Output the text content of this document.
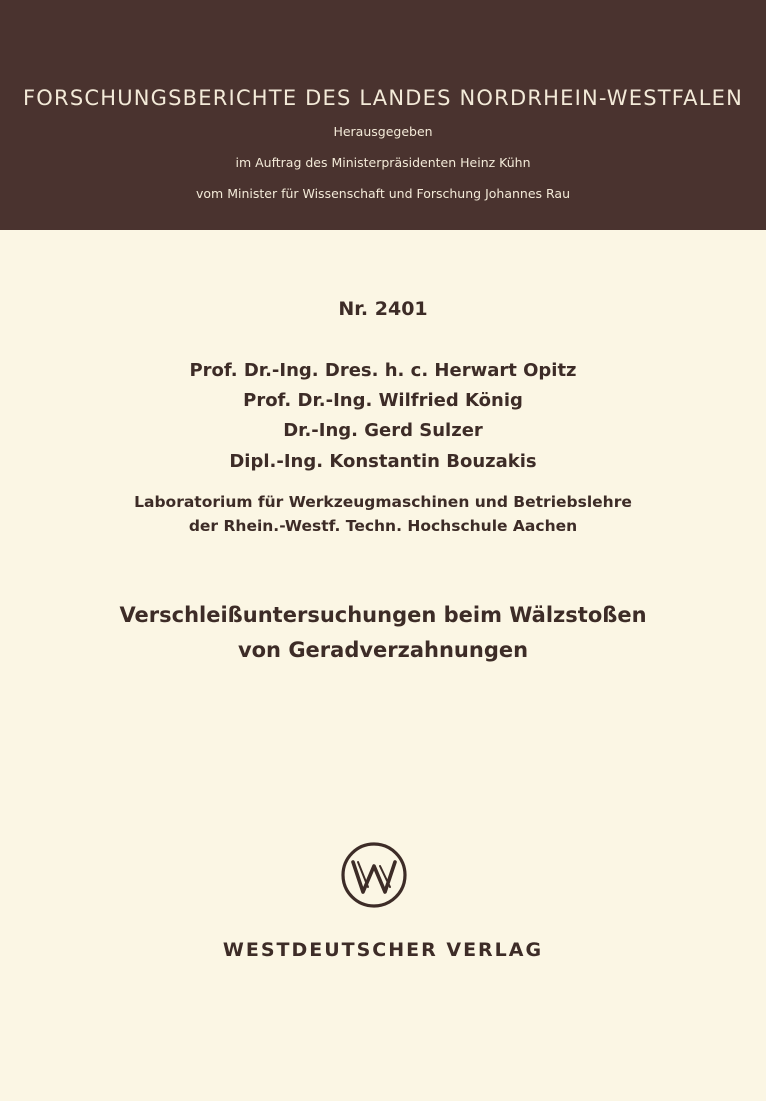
FORSCHUNGSBERICHTE DES LANDES NORDRHEIN-WESTFALEN
Herausgegeben
im Auftrag des Ministerpräsidenten Heinz Kühn
vom Minister für Wissenschaft und Forschung Johannes Rau
Nr. 2401
Prof. Dr.-Ing. Dres. h. c. Herwart Opitz
Prof. Dr.-Ing. Wilfried König
Dr.-Ing. Gerd Sulzer
Dipl.-Ing. Konstantin Bouzakis
Laboratorium für Werkzeugmaschinen und Betriebslehre
der Rhein.-Westf. Techn. Hochschule Aachen
Verschleißuntersuchungen beim Wälzstoßen
von Geradverzahnungen
WESTDEUTSCHER VERLAG
